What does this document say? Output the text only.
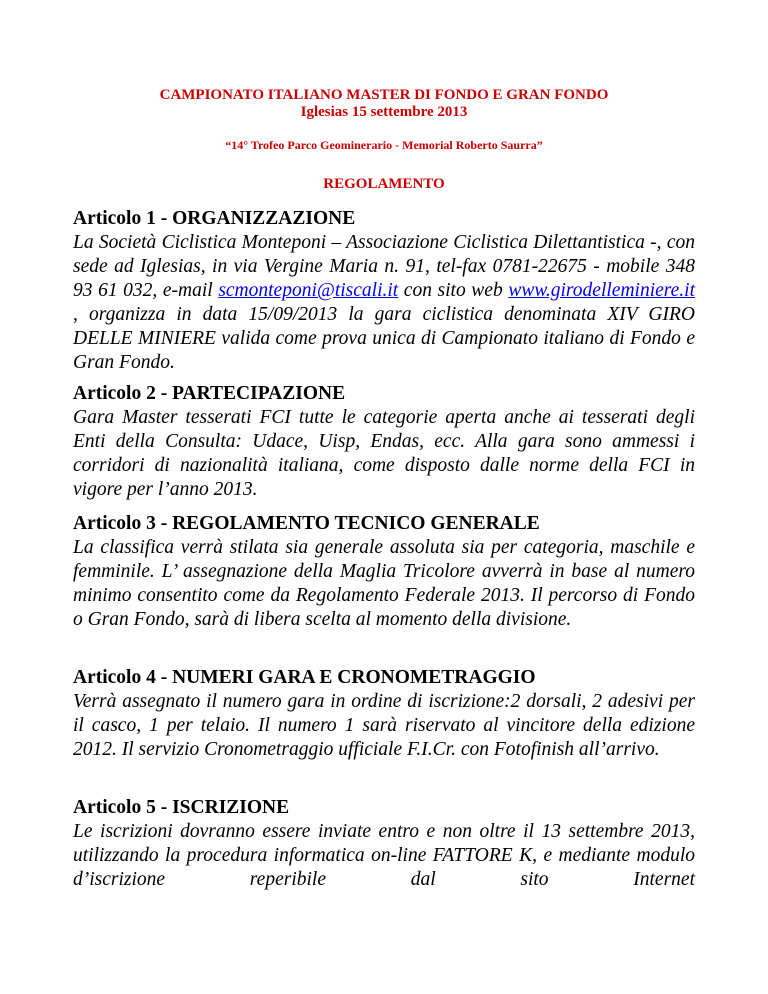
CAMPIONATO ITALIANO MASTER DI FONDO E GRAN FONDO
Iglesias 15 settembre 2013
“14° Trofeo Parco Geominerario - Memorial Roberto Saurra”
REGOLAMENTO

Articolo 1 - ORGANIZZAZIONE

La Società Ciclistica Monteponi – Associazione Ciclistica Dilettantistica -, con sede ad Iglesias, in via Vergine Maria n. 91, tel-fax 0781-22675 - mobile 348 93 61 032, e-mail scmonteponi@tiscali.it con sito web www.girodelleminiere.it , organizza in data 15/09/2013 la gara ciclistica denominata XIV GIRO DELLE MINIERE valida come prova unica di Campionato italiano di Fondo e Gran Fondo.

Articolo 2 - PARTECIPAZIONE

Gara Master tesserati FCI tutte le categorie aperta anche ai tesserati degli Enti della Consulta: Udace, Uisp, Endas, ecc. Alla gara sono ammessi i corridori di nazionalità italiana, come disposto dalle norme della FCI in vigore per l’anno 2013.

Articolo 3 - REGOLAMENTO TECNICO GENERALE

La classifica verrà stilata sia generale assoluta sia per categoria, maschile e femminile. L’ assegnazione della Maglia Tricolore avverrà in base al numero minimo consentito come da Regolamento Federale 2013. Il percorso di Fondo o Gran Fondo, sarà di libera scelta al momento della divisione.

Articolo 4 - NUMERI GARA E CRONOMETRAGGIO

Verrà assegnato il numero gara in ordine di iscrizione:2 dorsali, 2 adesivi per il casco, 1 per telaio. Il numero 1 sarà riservato al vincitore della edizione 2012. Il servizio Cronometraggio ufficiale F.I.Cr. con Fotofinish all’arrivo.

Articolo 5 - ISCRIZIONE

Le iscrizioni dovranno essere inviate entro e non oltre il 13 settembre 2013, utilizzando la procedura informatica on-line FATTORE K, e mediante modulo d’iscrizione reperibile dal sito Internet
